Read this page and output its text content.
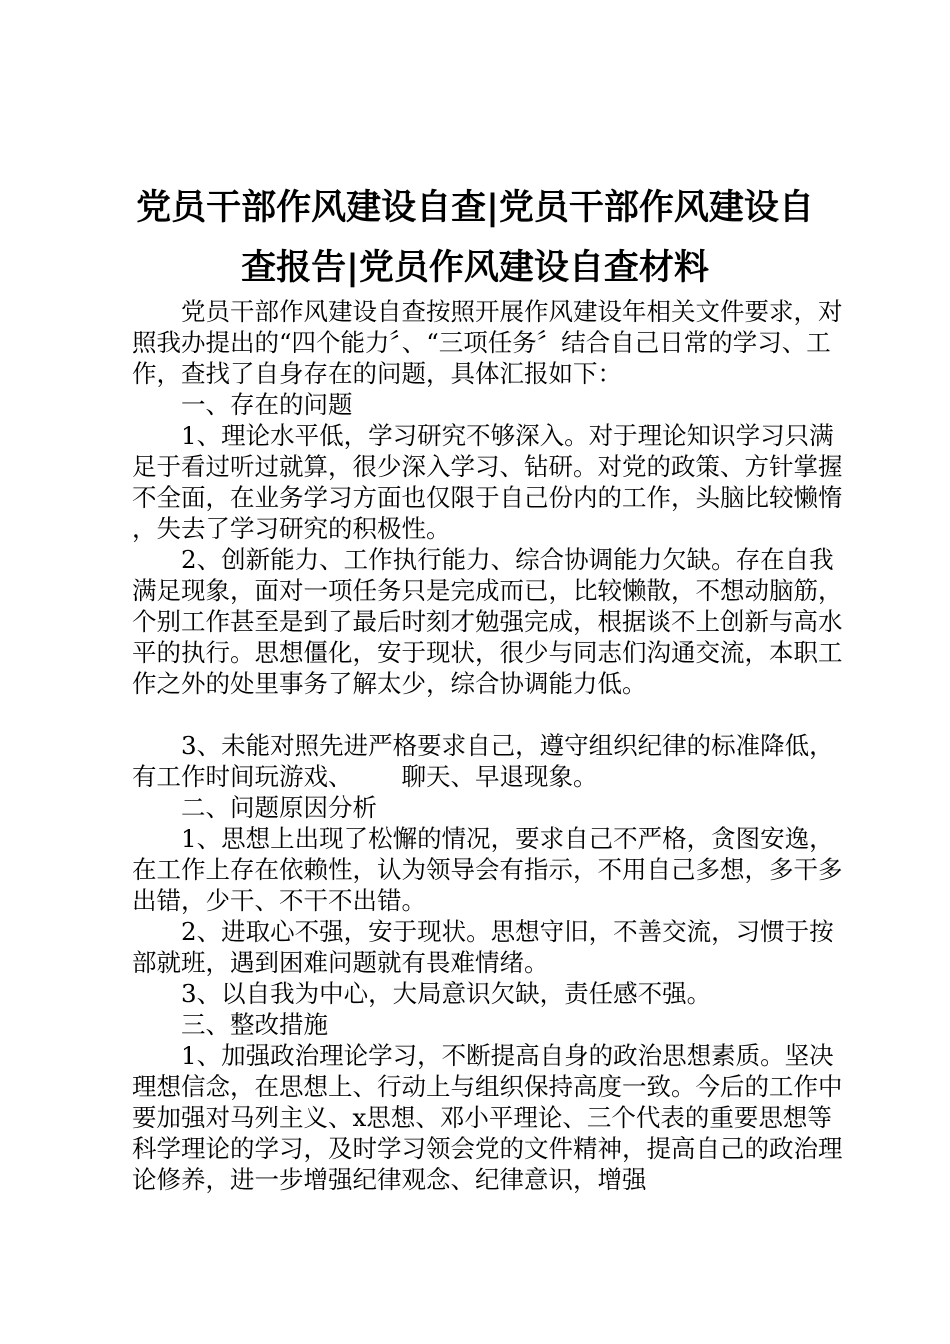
党员干部作风建设自查|党员干部作风建设自
查报告|党员作风建设自查材料

党员干部作风建设自查按照开展作风建设年相关文件要求，对照我办提出的“四个能力〞、“三项任务〞结合自己日常的学习、工作，查找了自身存在的问题，具体汇报如下：

一、存在的问题

1、理论水平低，学习研究不够深入。对于理论知识学习只满足于看过听过就算，很少深入学习、钻研。对党的政策、方针掌握不全面，在业务学习方面也仅限于自己份内的工作，头脑比较懒惰，失去了学习研究的积极性。

2、创新能力、工作执行能力、综合协调能力欠缺。存在自我满足现象，面对一项任务只是完成而已，比较懒散，不想动脑筋，个别工作甚至是到了最后时刻才勉强完成，根据谈不上创新与高水平的执行。思想僵化，安于现状，很少与同志们沟通交流，本职工作之外的处里事务了解太少，综合协调能力低。

3、未能对照先进严格要求自己，遵守组织纪律的标准降低，有工作时间玩游戏、 聊天、早退现象。

二、问题原因分析

1、思想上出现了松懈的情况，要求自己不严格，贪图安逸，在工作上存在依赖性，认为领导会有指示，不用自己多想，多干多出错，少干、不干不出错。

2、进取心不强，安于现状。思想守旧，不善交流，习惯于按部就班，遇到困难问题就有畏难情绪。

3、以自我为中心，大局意识欠缺，责任感不强。

三、整改措施

1、加强政治理论学习，不断提高自身的政治思想素质。坚决理想信念，在思想上、行动上与组织保持高度一致。今后的工作中要加强对马列主义、x思想、邓小平理论、三个代表的重要思想等科学理论的学习，及时学习领会党的文件精神，提高自己的政治理论修养，进一步增强纪律观念、纪律意识，增强
